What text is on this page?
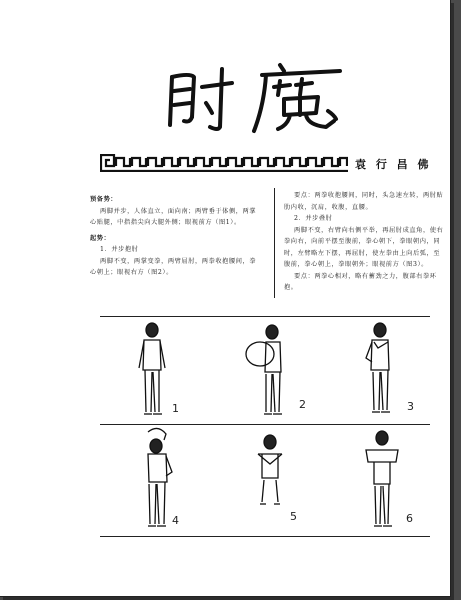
袁 行 昌 佛

预备势：

两脚并步，人体直立，面向南；两臂垂于体侧，两掌心贴腿，中指指尖向大腿外侧；眼视前方（图1）。

起势：

1．并步抱肘

两脚不变，两掌变拳，两臂屈肘，两拳收抱腰间，拳心朝上；眼视右方（图2）。

要点：两拳收抱腰间，同时，头急速左转，两肘贴肋内收，沉肩，收腹，直腰。

2．并步叠肘

两脚不变，右臂向右侧平举，再屈肘成直角，使右拳向右，向前平摆至腹前，拳心朝下，拳眼朝内，同时，左臂略左下摆，再屈肘，使左拳由上向后弧，至腹前，拳心朝上，拳眼朝外；眼视前方（图3）。

要点：两拳心相对，略有蓄劲之力，腹部右拳环抱。

1	2	3
4	5	6
